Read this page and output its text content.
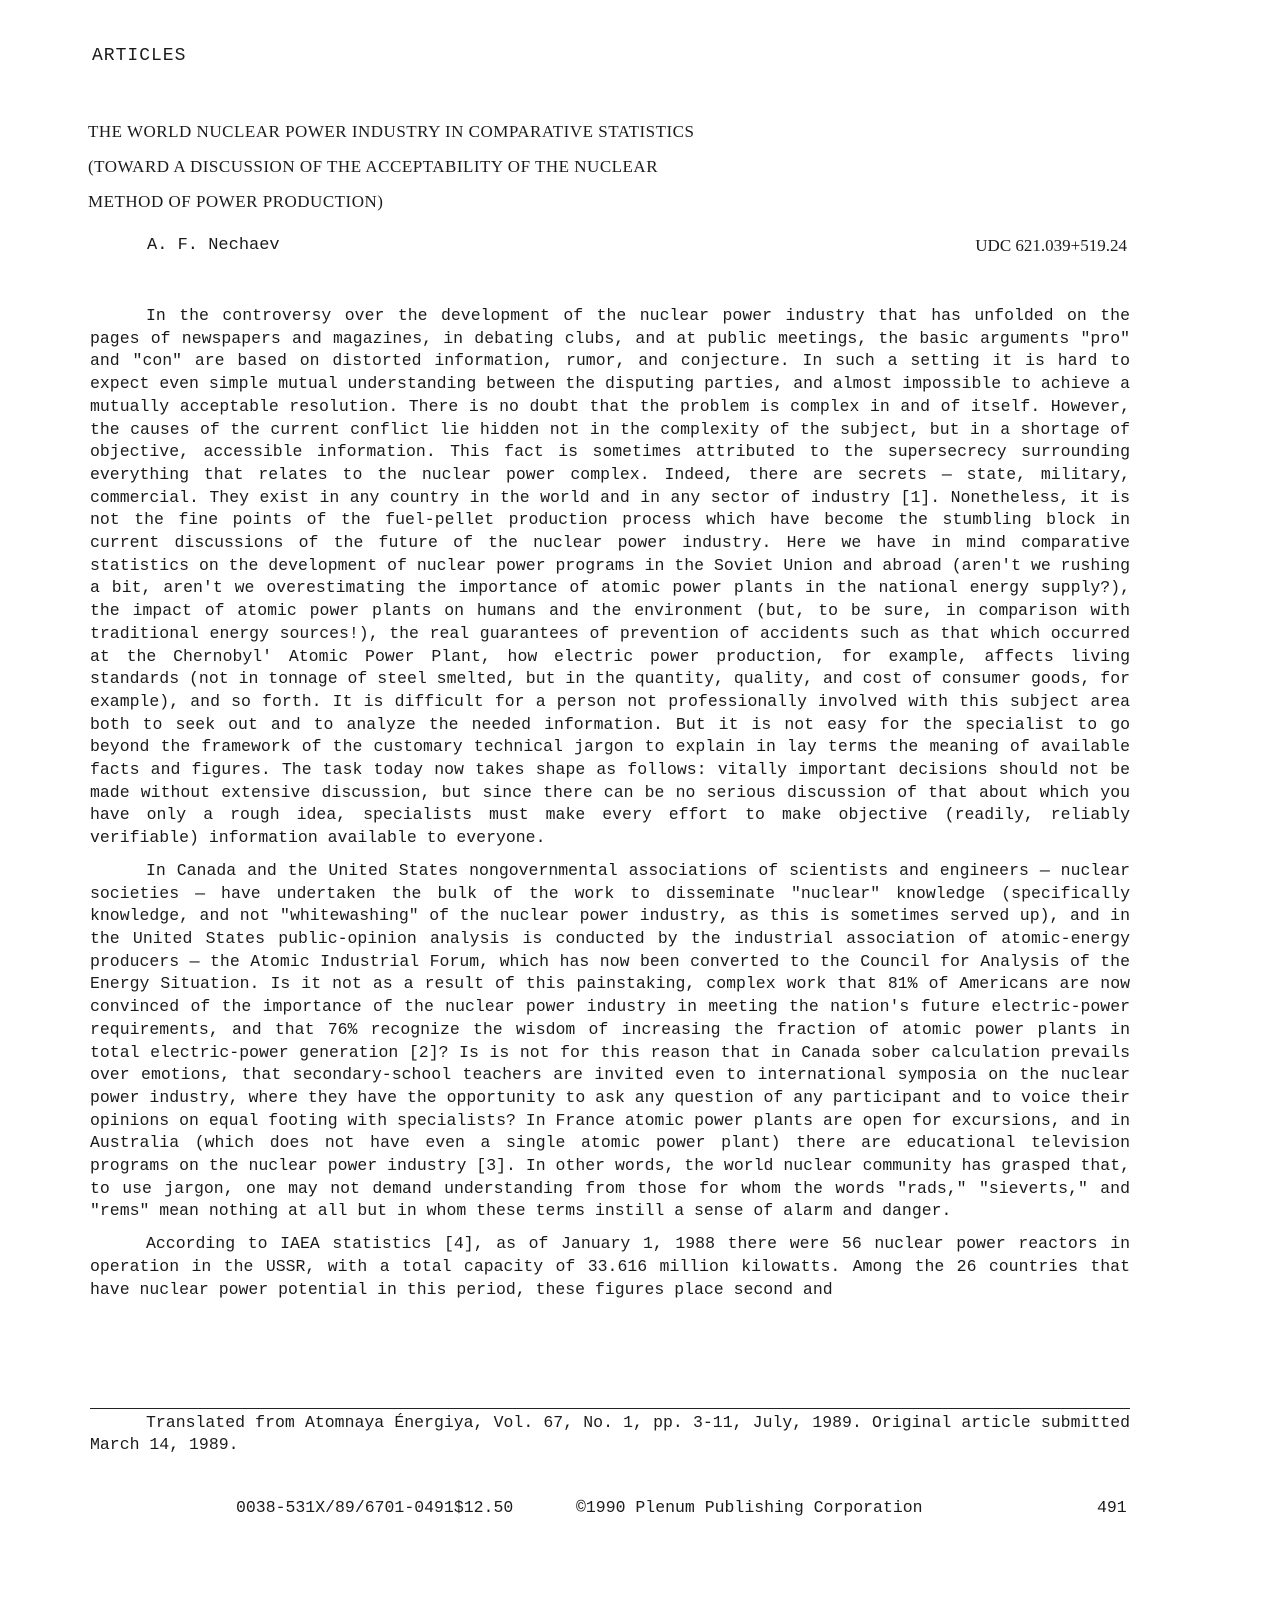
ARTICLES
THE WORLD NUCLEAR POWER INDUSTRY IN COMPARATIVE STATISTICS
(TOWARD A DISCUSSION OF THE ACCEPTABILITY OF THE NUCLEAR
METHOD OF POWER PRODUCTION)
A. F. Nechaev	UDC 621.039+519.24

In the controversy over the development of the nuclear power industry that has unfolded on the pages of newspapers and magazines, in debating clubs, and at public meetings, the basic arguments "pro" and "con" are based on distorted information, rumor, and conjecture. In such a setting it is hard to expect even simple mutual understanding between the disputing parties, and almost impossible to achieve a mutually acceptable resolution. There is no doubt that the problem is complex in and of itself. However, the causes of the current conflict lie hidden not in the complexity of the subject, but in a shortage of objective, accessible information. This fact is sometimes attributed to the supersecrecy surrounding everything that relates to the nuclear power complex. Indeed, there are secrets — state, military, commercial. They exist in any country in the world and in any sector of industry [1]. Nonetheless, it is not the fine points of the fuel-pellet production process which have become the stumbling block in current discussions of the future of the nuclear power industry. Here we have in mind comparative statistics on the development of nuclear power programs in the Soviet Union and abroad (aren't we rushing a bit, aren't we overestimating the importance of atomic power plants in the national energy supply?), the impact of atomic power plants on humans and the environment (but, to be sure, in comparison with traditional energy sources!), the real guarantees of prevention of accidents such as that which occurred at the Chernobyl' Atomic Power Plant, how electric power production, for example, affects living standards (not in tonnage of steel smelted, but in the quantity, quality, and cost of consumer goods, for example), and so forth. It is difficult for a person not professionally involved with this subject area both to seek out and to analyze the needed information. But it is not easy for the specialist to go beyond the framework of the customary technical jargon to explain in lay terms the meaning of available facts and figures. The task today now takes shape as follows: vitally important decisions should not be made without extensive discussion, but since there can be no serious discussion of that about which you have only a rough idea, specialists must make every effort to make objective (readily, reliably verifiable) information available to everyone.

In Canada and the United States nongovernmental associations of scientists and engineers — nuclear societies — have undertaken the bulk of the work to disseminate "nuclear" knowledge (specifically knowledge, and not "whitewashing" of the nuclear power industry, as this is sometimes served up), and in the United States public-opinion analysis is conducted by the industrial association of atomic-energy producers — the Atomic Industrial Forum, which has now been converted to the Council for Analysis of the Energy Situation. Is it not as a result of this painstaking, complex work that 81% of Americans are now convinced of the importance of the nuclear power industry in meeting the nation's future electric-power requirements, and that 76% recognize the wisdom of increasing the fraction of atomic power plants in total electric-power generation [2]? Is is not for this reason that in Canada sober calculation prevails over emotions, that secondary-school teachers are invited even to international symposia on the nuclear power industry, where they have the opportunity to ask any question of any participant and to voice their opinions on equal footing with specialists? In France atomic power plants are open for excursions, and in Australia (which does not have even a single atomic power plant) there are educational television programs on the nuclear power industry [3]. In other words, the world nuclear community has grasped that, to use jargon, one may not demand understanding from those for whom the words "rads," "sieverts," and "rems" mean nothing at all but in whom these terms instill a sense of alarm and danger.

According to IAEA statistics [4], as of January 1, 1988 there were 56 nuclear power reactors in operation in the USSR, with a total capacity of 33.616 million kilowatts. Among the 26 countries that have nuclear power potential in this period, these figures place second and

Translated from Atomnaya Énergiya, Vol. 67, No. 1, pp. 3-11, July, 1989. Original article submitted March 14, 1989.
0038-531X/89/6701-0491$12.50	©1990 Plenum Publishing Corporation	491
